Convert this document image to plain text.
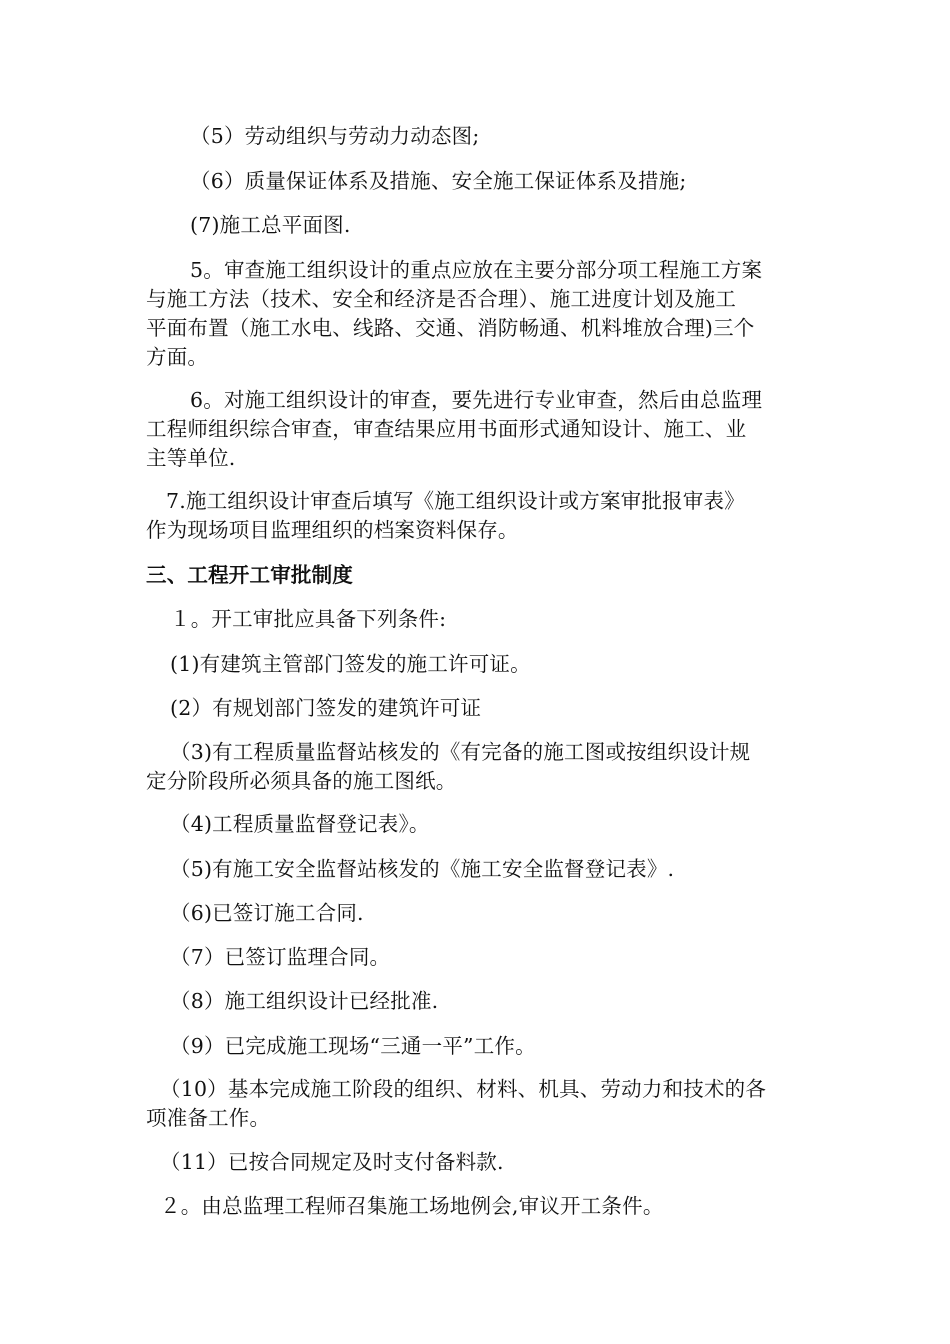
（5）劳动组织与劳动力动态图;
（6）质量保证体系及措施、安全施工保证体系及措施;
(7)施工总平面图.
5。审查施工组织设计的重点应放在主要分部分项工程施工方案
与施工方法（技术、安全和经济是否合理）、施工进度计划及施工
平面布置（施工水电、线路、交通、消防畅通、机料堆放合理)三个
方面。
6。对施工组织设计的审查，要先进行专业审查，然后由总监理
工程师组织综合审查，审查结果应用书面形式通知设计、施工、业
主等单位.
7.施工组织设计审查后填写《施工组织设计或方案审批报审表》
作为现场项目监理组织的档案资料保存。
三、工程开工审批制度
１。开工审批应具备下列条件:
(1)有建筑主管部门签发的施工许可证。
(2）有规划部门签发的建筑许可证
（3)有工程质量监督站核发的《有完备的施工图或按组织设计规
定分阶段所必须具备的施工图纸。
（4)工程质量监督登记表》。
（5)有施工安全监督站核发的《施工安全监督登记表》.
（6)已签订施工合同.
（7）已签订监理合同。
（8）施工组织设计已经批准.
（9）已完成施工现场“三通一平”工作。
（10）基本完成施工阶段的组织、材料、机具、劳动力和技术的各
项准备工作。
（11）已按合同规定及时支付备料款.
２。由总监理工程师召集施工场地例会,审议开工条件。
